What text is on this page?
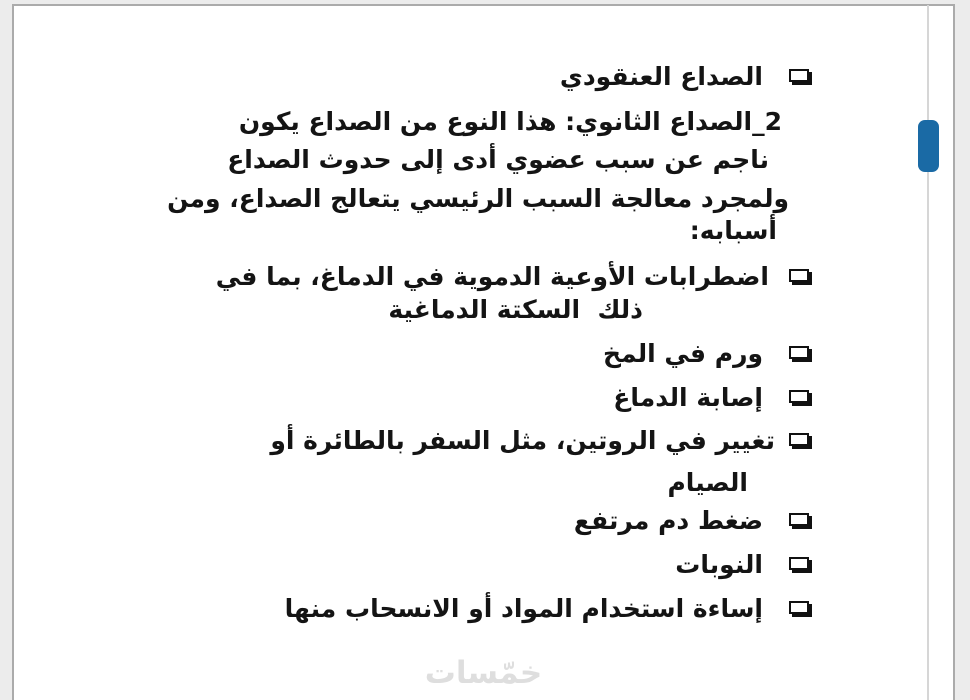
الصداع العنقودي
2_الصداع الثانوي: هذا النوع من الصداع يكون
ناجم عن سبب عضوي أدى إلى حدوث الصداع
ولمجرد معالجة السبب الرئيسي يتعالج الصداع، ومن
أسبابه:
اضطرابات الأوعية الدموية في الدماغ، بما في
ذلك  السكتة الدماغية
ورم في المخ
إصابة الدماغ
تغيير في الروتين، مثل السفر بالطائرة أو
الصيام
ضغط دم مرتفع
النوبات
إساءة استخدام المواد أو الانسحاب منها
خمّسات
